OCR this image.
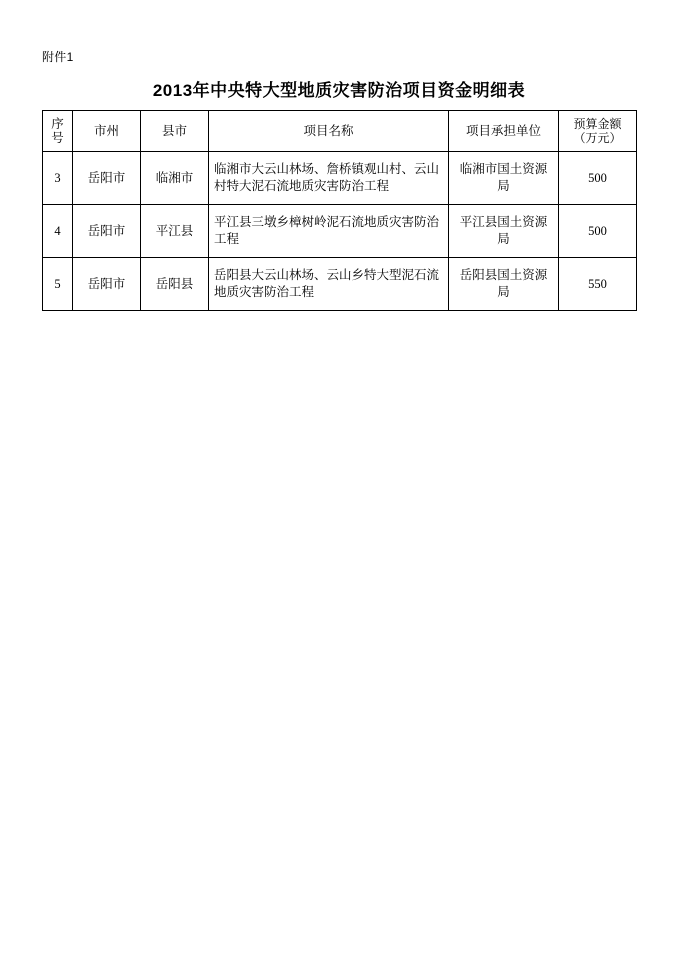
附件1
2013年中央特大型地质灾害防治项目资金明细表
序号	市州	县市	项目名称	项目承担单位	预算金额
（万元）

3	岳阳市	临湘市	临湘市大云山林场、詹桥镇观山村、云山村特大泥石流地质灾害防治工程	临湘市国土资源局	500
4	岳阳市	平江县	平江县三墩乡樟树岭泥石流地质灾害防治工程	平江县国土资源局	500
5	岳阳市	岳阳县	岳阳县大云山林场、云山乡特大型泥石流地质灾害防治工程	岳阳县国土资源局	550
